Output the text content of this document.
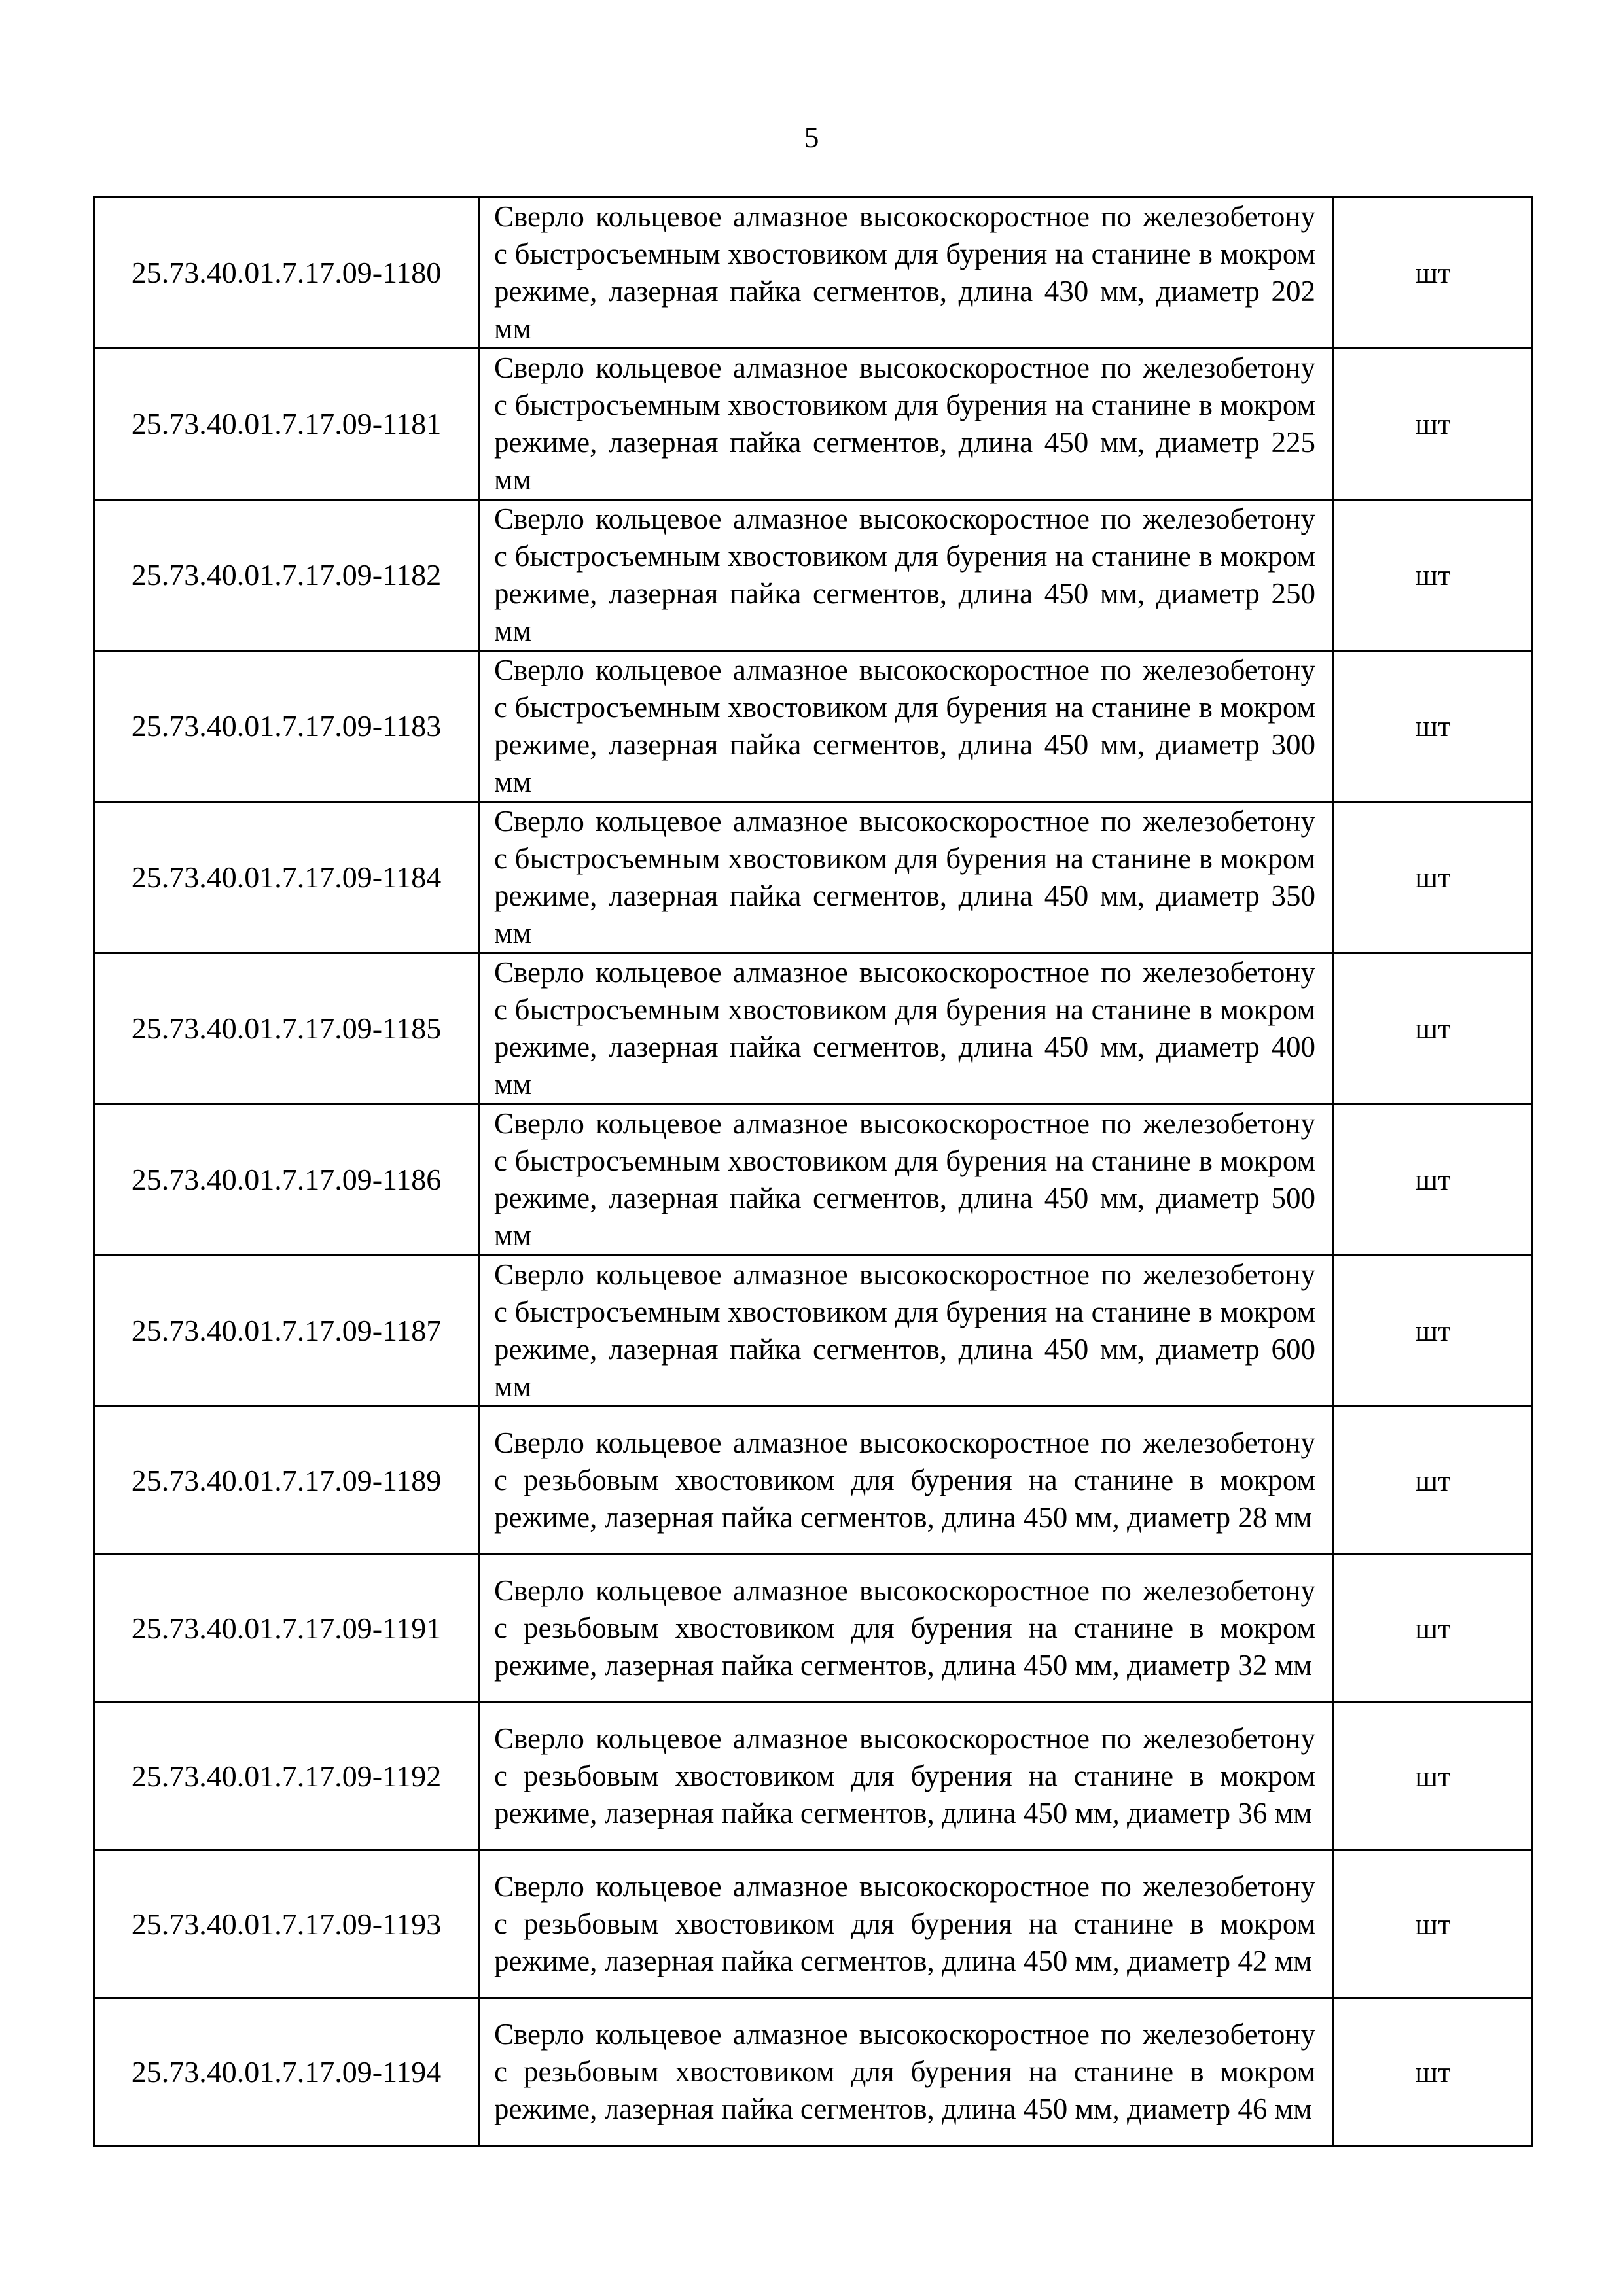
5
25.73.40.01.7.17.09-1180	Сверло кольцевое алмазное высокоскоростное по железобетону с быстросъемным хвостовиком для бурения на станине в мокром режиме, лазерная пайка сегментов, длина 430 мм, диаметр 202 мм	шт
25.73.40.01.7.17.09-1181	Сверло кольцевое алмазное высокоскоростное по железобетону с быстросъемным хвостовиком для бурения на станине в мокром режиме, лазерная пайка сегментов, длина 450 мм, диаметр 225 мм	шт
25.73.40.01.7.17.09-1182	Сверло кольцевое алмазное высокоскоростное по железобетону с быстросъемным хвостовиком для бурения на станине в мокром режиме, лазерная пайка сегментов, длина 450 мм, диаметр 250 мм	шт
25.73.40.01.7.17.09-1183	Сверло кольцевое алмазное высокоскоростное по железобетону с быстросъемным хвостовиком для бурения на станине в мокром режиме, лазерная пайка сегментов, длина 450 мм, диаметр 300 мм	шт
25.73.40.01.7.17.09-1184	Сверло кольцевое алмазное высокоскоростное по железобетону с быстросъемным хвостовиком для бурения на станине в мокром режиме, лазерная пайка сегментов, длина 450 мм, диаметр 350 мм	шт
25.73.40.01.7.17.09-1185	Сверло кольцевое алмазное высокоскоростное по железобетону с быстросъемным хвостовиком для бурения на станине в мокром режиме, лазерная пайка сегментов, длина 450 мм, диаметр 400 мм	шт
25.73.40.01.7.17.09-1186	Сверло кольцевое алмазное высокоскоростное по железобетону с быстросъемным хвостовиком для бурения на станине в мокром режиме, лазерная пайка сегментов, длина 450 мм, диаметр 500 мм	шт
25.73.40.01.7.17.09-1187	Сверло кольцевое алмазное высокоскоростное по железобетону с быстросъемным хвостовиком для бурения на станине в мокром режиме, лазерная пайка сегментов, длина 450 мм, диаметр 600 мм	шт
25.73.40.01.7.17.09-1189	Сверло кольцевое алмазное высокоскоростное по железобетону с резьбовым хвостовиком для бурения на станине в мокром режиме, лазерная пайка сегментов, длина 450 мм, диаметр 28 мм	шт
25.73.40.01.7.17.09-1191	Сверло кольцевое алмазное высокоскоростное по железобетону с резьбовым хвостовиком для бурения на станине в мокром режиме, лазерная пайка сегментов, длина 450 мм, диаметр 32 мм	шт
25.73.40.01.7.17.09-1192	Сверло кольцевое алмазное высокоскоростное по железобетону с резьбовым хвостовиком для бурения на станине в мокром режиме, лазерная пайка сегментов, длина 450 мм, диаметр 36 мм	шт
25.73.40.01.7.17.09-1193	Сверло кольцевое алмазное высокоскоростное по железобетону с резьбовым хвостовиком для бурения на станине в мокром режиме, лазерная пайка сегментов, длина 450 мм, диаметр 42 мм	шт
25.73.40.01.7.17.09-1194	Сверло кольцевое алмазное высокоскоростное по железобетону с резьбовым хвостовиком для бурения на станине в мокром режиме, лазерная пайка сегментов, длина 450 мм, диаметр 46 мм	шт
